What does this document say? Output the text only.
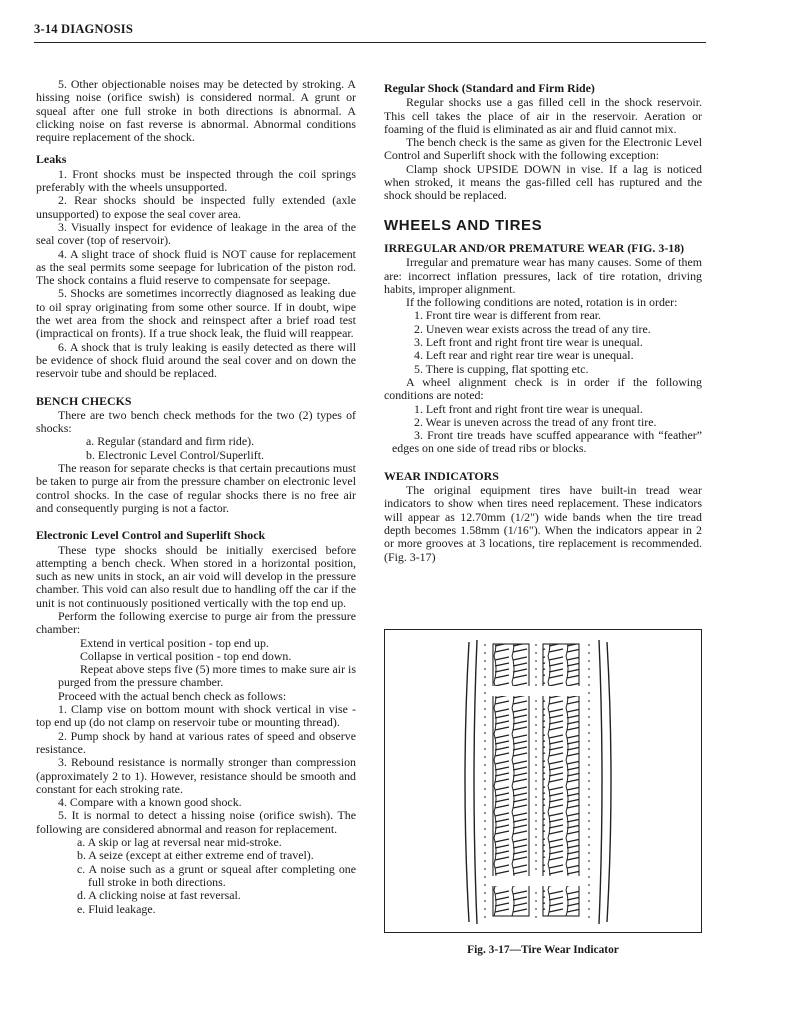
3-14 DIAGNOSIS

5. Other objectionable noises may be detected by stroking. A hissing noise (orifice swish) is considered normal. A grunt or squeal after one full stroke in both directions is abnormal. A clicking noise on fast reverse is abnormal. Abnormal conditions require replacement of the shock.

Leaks

1. Front shocks must be inspected through the coil springs preferably with the wheels unsupported.

2. Rear shocks should be inspected fully extended (axle unsupported) to expose the seal cover area.

3. Visually inspect for evidence of leakage in the area of the seal cover (top of reservoir).

4. A slight trace of shock fluid is NOT cause for replacement as the seal permits some seepage for lubrication of the piston rod. The shock contains a fluid reserve to compensate for seepage.

5. Shocks are sometimes incorrectly diagnosed as leaking due to oil spray originating from some other source. If in doubt, wipe the wet area from the shock and reinspect after a brief road test (impractical on fronts). If a true shock leak, the fluid will reappear.

6. A shock that is truly leaking is easily detected as there will be evidence of shock fluid around the seal cover and on down the reservoir tube and should be replaced.

BENCH CHECKS

There are two bench check methods for the two (2) types of shocks:

a. Regular (standard and firm ride).

b. Electronic Level Control/Superlift.

The reason for separate checks is that certain precautions must be taken to purge air from the pressure chamber on electronic level control shocks. In the case of regular shocks there is no free air and consequently purging is not a factor.

Electronic Level Control and Superlift Shock

These type shocks should be initially exercised before attempting a bench check. When stored in a horizontal position, such as new units in stock, an air void will develop in the pressure chamber. This void can also result due to handling off the car if the unit is not continuously positioned vertically with the top end up.

Perform the following exercise to purge air from the pressure chamber:

Extend in vertical position - top end up.

Collapse in vertical position - top end down.

Repeat above steps five (5) more times to make sure air is purged from the pressure chamber.

Proceed with the actual bench check as follows:

1. Clamp vise on bottom mount with shock vertical in vise - top end up (do not clamp on reservoir tube or mounting thread).

2. Pump shock by hand at various rates of speed and observe resistance.

3. Rebound resistance is normally stronger than compression (approximately 2 to 1). However, resistance should be smooth and constant for each stroking rate.

4. Compare with a known good shock.

5. It is normal to detect a hissing noise (orifice swish). The following are considered abnormal and reason for replacement.

a. A skip or lag at reversal near mid-stroke.

b. A seize (except at either extreme end of travel).

c. A noise such as a grunt or squeal after completing one full stroke in both directions.

d. A clicking noise at fast reversal.

e. Fluid leakage.

Regular Shock (Standard and Firm Ride)

Regular shocks use a gas filled cell in the shock reservoir. This cell takes the place of air in the reservoir. Aeration or foaming of the fluid is eliminated as air and fluid cannot mix.

The bench check is the same as given for the Electronic Level Control and Superlift shock with the following exception:

Clamp shock UPSIDE DOWN in vise. If a lag is noticed when stroked, it means the gas-filled cell has ruptured and the shock should be replaced.

WHEELS AND TIRES

IRREGULAR AND/OR PREMATURE WEAR (FIG. 3-18)

Irregular and premature wear has many causes. Some of them are: incorrect inflation pressures, lack of tire rotation, driving habits, improper alignment.

If the following conditions are noted, rotation is in order:

1. Front tire wear is different from rear.

2. Uneven wear exists across the tread of any tire.

3. Left front and right front tire wear is unequal.

4. Left rear and right rear tire wear is unequal.

5. There is cupping, flat spotting etc.

A wheel alignment check is in order if the following conditions are noted:

1. Left front and right front tire wear is unequal.

2. Wear is uneven across the tread of any front tire.

3. Front tire treads have scuffed appearance with “feather” edges on one side of tread ribs or blocks.

WEAR INDICATORS

The original equipment tires have built-in tread wear indicators to show when tires need replacement. These indicators will appear as 12.70mm (1/2") wide bands when the tire tread depth becomes 1.58mm (1/16"). When the indicators appear in 2 or more grooves at 3 locations, tire replacement is recommended. (Fig. 3-17)

Fig. 3-17—Tire Wear Indicator
